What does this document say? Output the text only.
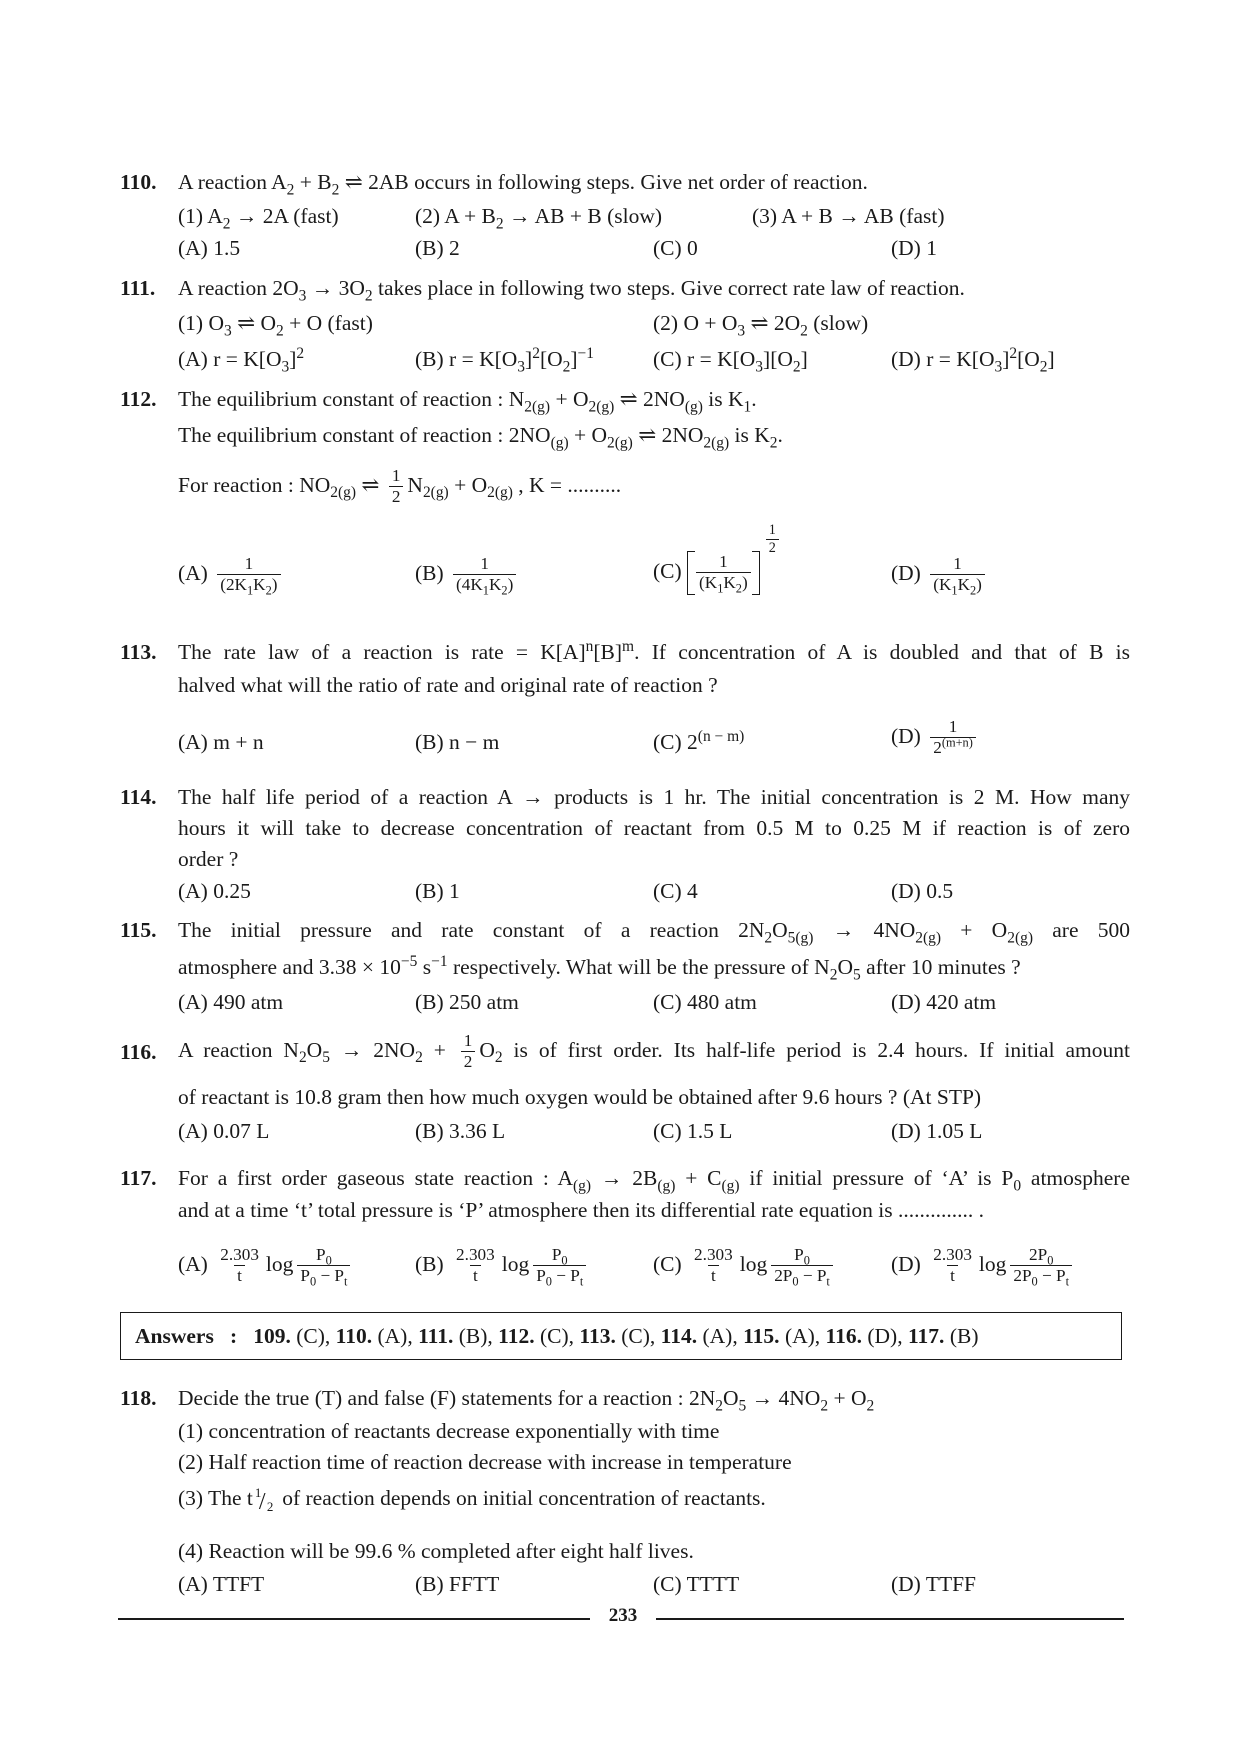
110. A reaction $A_2 + B_2$ ⇌ 2AB occurs in following steps. Give net order of reaction.
(1) $A_2 \to 2A$ (fast)	(2) $A + B_2$ → AB + B (slow)	(3) A + B → AB (fast)
(A) 1.5	(B) 2	(C) 0	(D) 1
111. A reaction $2O_3 \to 3O_2$ takes place in following two steps. Give correct rate law of reaction.
(1) $O_3$ ⇌ $O_2 + O$ (fast)	(2) $O + O_3$ ⇌ $2O_2$ (slow)
(A) $r = K[O_3]^2$	(B) $r = K[O_3]^2[O_2]^{-1}$	(C) $r = K[O_3][O_2]$	(D) $r = K[O_3]^2[O_2]$
112. The equilibrium constant of reaction : $N_{2(g)} + O_{2(g)}$ ⇌ $2NO_{(g)}$ is $K_1$.
The equilibrium constant of reaction : $2NO_{(g)} + O_{2(g)}$ ⇌ $2NO_{2(g)}$ is $K_2$.
For reaction : $NO_{2(g)}$ ⇌ $\frac{1}{2} N_{2(g)} + O_{2(g)}$ , K = ..........
$(A) \frac{1}{(2K_1K_2)}$	$(B) \frac{1}{(4K_1K_2)}$	$(C) \frac{1}{(K_1K_2)}$
$\frac{1}{2}$
$(D) \frac{1}{(K_1K_2)}$
113. The rate law of a reaction is rate = $K[A]^n[B]^m$. If concentration of A is doubled and that of B is
halved what will the ratio of rate and original rate of reaction ?
(A) m + n	(B) n − m	(C) $2^{(n - m)}$	$(D) \frac{1}{2^{(m+n)}}$
114. The half life period of a reaction A → products is 1 hr. The initial concentration is 2 M. How many
hours it will take to decrease concentration of reactant from 0.5 M to 0.25 M if reaction is of zero
order ?
(A) 0.25	(B) 1	(C) 4	(D) 0.5
115. The initial pressure and rate constant of a reaction $2N_2O_{5(g)} \to 4NO_{2(g)} + O_{2(g)}$ are 500
atmosphere and $3.38 \times 10^{-5}$ $s^{-1}$ respectively. What will be the pressure of $N_2O_5$ after 10 minutes ?
(A) 490 atm	(B) 250 atm	(C) 480 atm	(D) 420 atm
116. A reaction $N_2O_5 \to 2NO_2 + \frac{1}{2} O_2$ is of first order. Its half-life period is 2.4 hours. If initial amount
of reactant is 10.8 gram then how much oxygen would be obtained after 9.6 hours ? (At STP)
(A) 0.07 L	(B) 3.36 L	(C) 1.5 L	(D) 1.05 L
117. For a first order gaseous state reaction : $A_{(g)} \to 2B_{(g)} + C_{(g)}$ if initial pressure of ‘A’ is $P_0$ atmosphere
and at a time ‘t’ total pressure is ‘P’ atmosphere then its differential rate equation is .............. .
$(A) \frac{2.303}{t}$ $\log \frac{P_0}{P_0 - P_t}$	$(B) \frac{2.303}{t}$ $\log \frac{P_0}{P_0 - P_t}$	$(C) \frac{2.303}{t}$ $\log \frac{P_0}{2P_0 - P_t}$	$(D) \frac{2.303}{t}$ $\log \frac{2P_0}{2P_0 - P_t}$
Answers   :   109. (C), 110. (A), 111. (B), 112. (C), 113. (C), 114. (A), 115. (A), 116. (D), 117. (B)
118. Decide the true (T) and false (F) statements for a reaction : $2N_2O_5 \to 4NO_2 + O_2$
(1) concentration of reactants decrease exponentially with time
(2) Half reaction time of reaction decrease with increase in temperature
(3) The t 1
/ 2 of reaction depends on initial concentration of reactants.
(4) Reaction will be 99.6 % completed after eight half lives.
(A) TTFT	(B) FFTT	(C) TTTT	(D) TTFF
233
